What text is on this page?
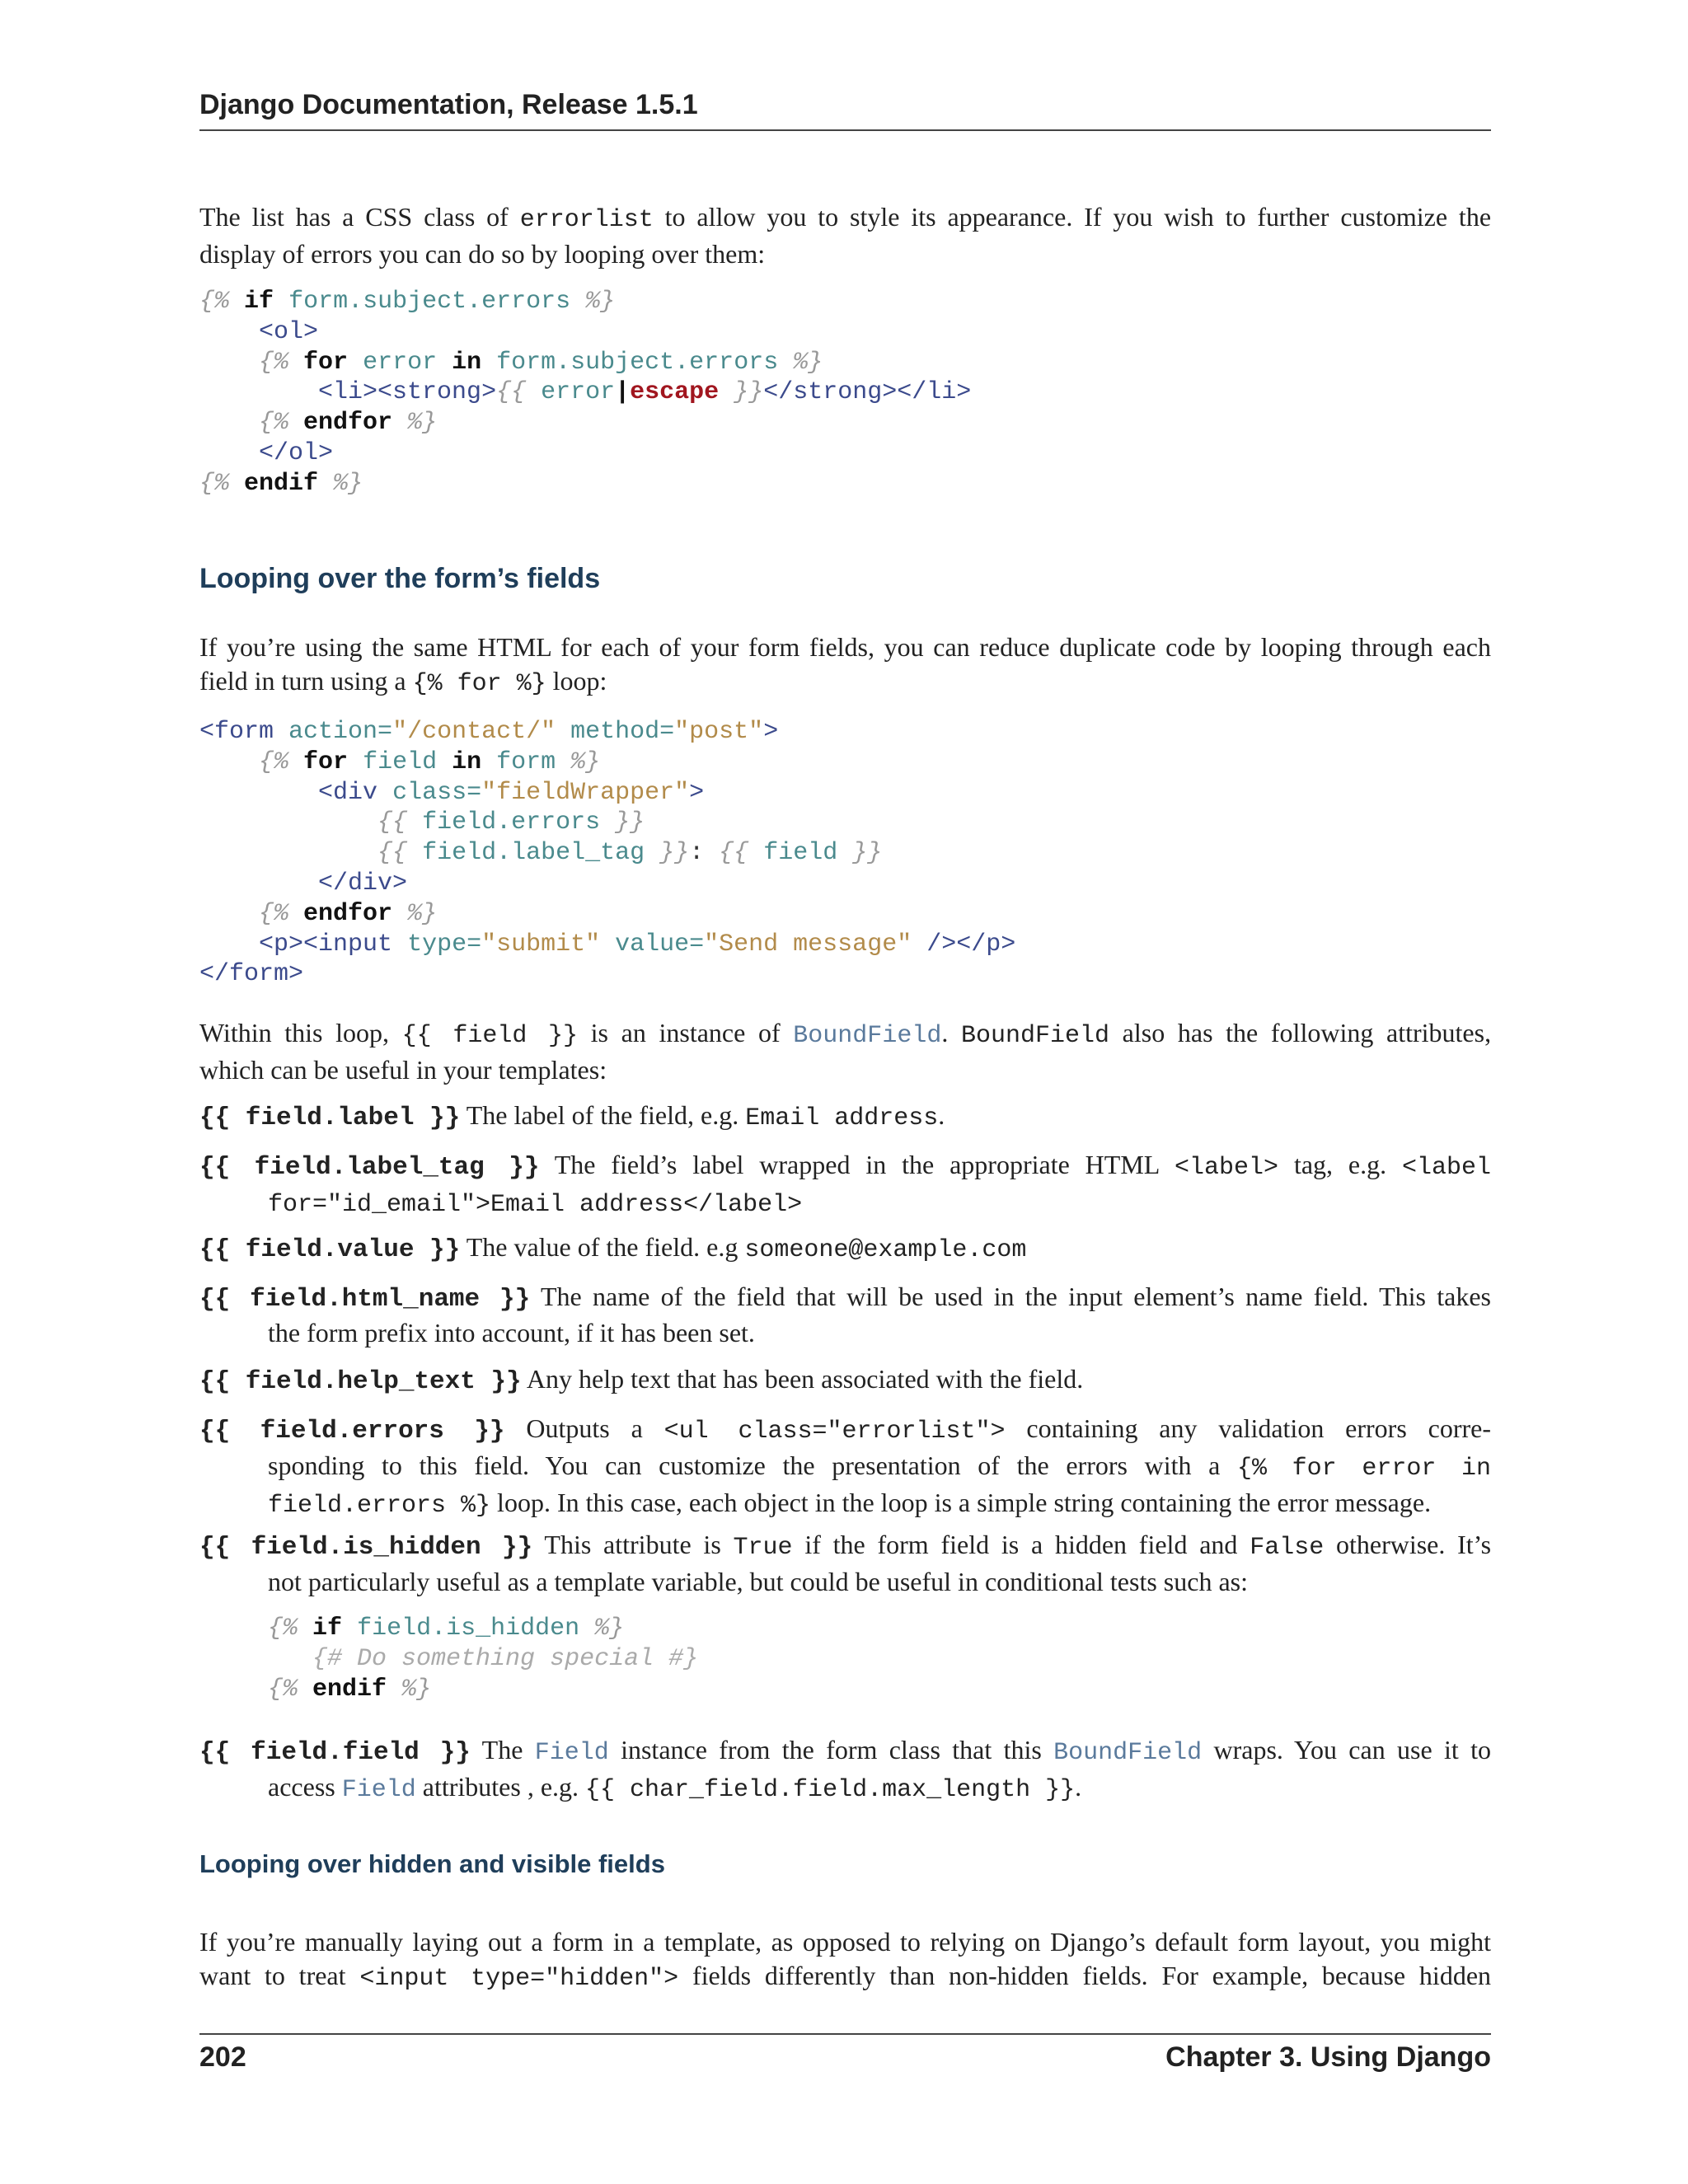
Django Documentation, Release 1.5.1

The list has a CSS class of errorlist to allow you to style its appearance. If you wish to further customize the
display of errors you can do so by looping over them:

{% if form.subject.errors %}
<ol>
{% for error in form.subject.errors %}
<li><strong>{{ error|escape }}</strong></li>
{% endfor %}
</ol>
{% endif %}
Looping over the form’s fields

If you’re using the same HTML for each of your form fields, you can reduce duplicate code by looping through each
field in turn using a {% for %} loop:

<form action="/contact/" method="post">
{% for field in form %}
<div class="fieldWrapper">
{{ field.errors }}
{{ field.label_tag }}: {{ field }}
</div>
{% endfor %}
<p><input type="submit" value="Send message" /></p>
</form>

Within this loop, {{ field }} is an instance of BoundField. BoundField also has the following attributes,
which can be useful in your templates:

{{ field.label }} The label of the field, e.g. Email address.
{{ field.label_tag }} The field’s label wrapped in the appropriate HTML <label> tag, e.g. <label
for="id_email">Email address</label>
{{ field.value }} The value of the field. e.g someone@example.com
{{ field.html_name }} The name of the field that will be used in the input element’s name field. This takes
the form prefix into account, if it has been set.
{{ field.help_text }} Any help text that has been associated with the field.
{{ field.errors }} Outputs a <ul class="errorlist"> containing any validation errors corre-
sponding to this field. You can customize the presentation of the errors with a {% for error in
field.errors %} loop. In this case, each object in the loop is a simple string containing the error message.
{{ field.is_hidden }} This attribute is True if the form field is a hidden field and False otherwise. It’s
not particularly useful as a template variable, but could be useful in conditional tests such as:
{% if field.is_hidden %}
{# Do something special #}
{% endif %}
{{ field.field }} The Field instance from the form class that this BoundField wraps. You can use it to
access Field attributes , e.g. {{ char_field.field.max_length }}.
Looping over hidden and visible fields

If you’re manually laying out a form in a template, as opposed to relying on Django’s default form layout, you might
want to treat <input type="hidden"> fields differently than non-hidden fields. For example, because hidden

202	Chapter 3. Using Django
